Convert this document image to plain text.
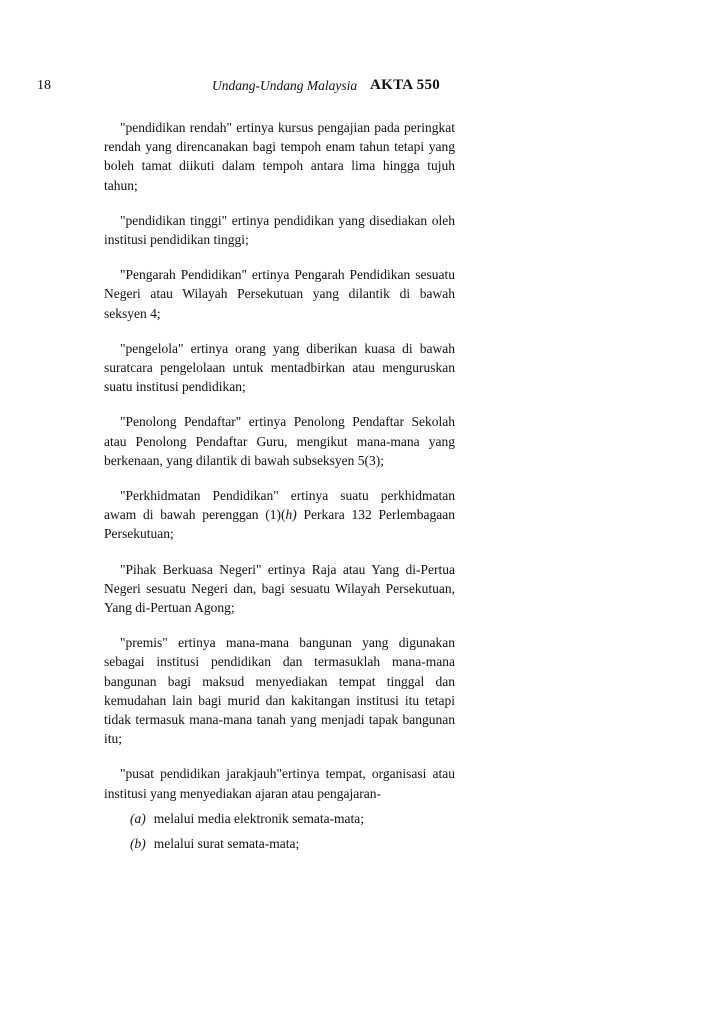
18	Undang-Undang Malaysia AKTA 550

"pendidikan rendah" ertinya kursus pengajian pada peringkat rendah yang direncanakan bagi tempoh enam tahun tetapi yang boleh tamat diikuti dalam tempoh antara lima hingga tujuh tahun;

"pendidikan tinggi" ertinya pendidikan yang disediakan oleh institusi pendidikan tinggi;

"Pengarah Pendidikan" ertinya Pengarah Pendidikan sesuatu Negeri atau Wilayah Persekutuan yang dilantik di bawah seksyen 4;

"pengelola" ertinya orang yang diberikan kuasa di bawah suratcara pengelolaan untuk mentadbirkan atau menguruskan suatu institusi pendidikan;

"Penolong Pendaftar" ertinya Penolong Pendaftar Sekolah atau Penolong Pendaftar Guru, mengikut mana-mana yang berkenaan, yang dilantik di bawah subseksyen 5(3);

"Perkhidmatan Pendidikan" ertinya suatu perkhidmatan awam di bawah perenggan (1)(h) Perkara 132 Perlembagaan Persekutuan;

"Pihak Berkuasa Negeri" ertinya Raja atau Yang di-Pertua Negeri sesuatu Negeri dan, bagi sesuatu Wilayah Persekutuan, Yang di-Pertuan Agong;

"premis" ertinya mana-mana bangunan yang digunakan sebagai institusi pendidikan dan termasuklah mana-mana bangunan bagi maksud menyediakan tempat tinggal dan kemudahan lain bagi murid dan kakitangan institusi itu tetapi tidak termasuk mana-mana tanah yang menjadi tapak bangunan itu;

"pusat pendidikan jarakjauh"ertinya tempat, organisasi atau institusi yang menyediakan ajaran atau pengajaran-

(a) melalui media elektronik semata-mata;
(b) melalui surat semata-mata;
